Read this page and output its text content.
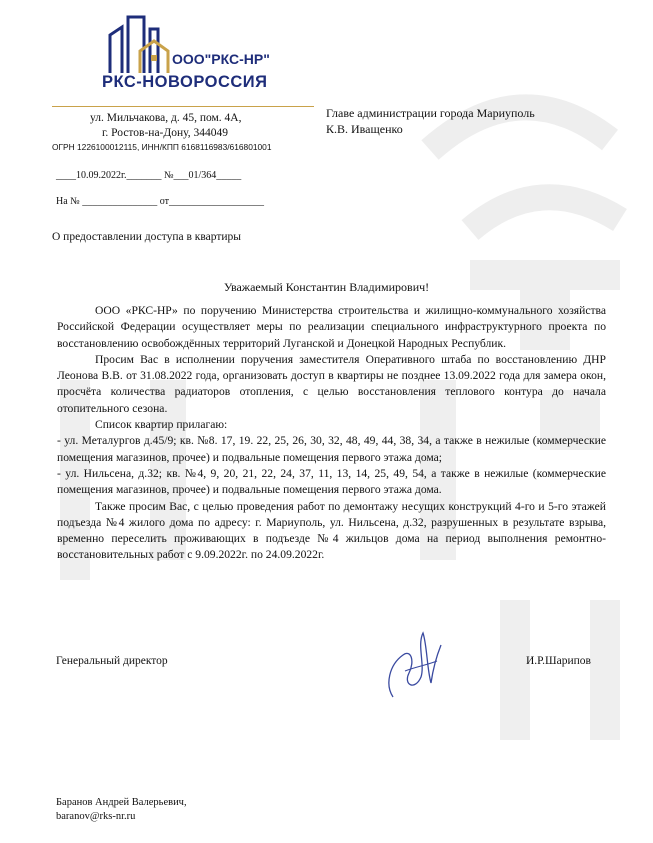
ООО"РКС-НР"
РКС-НОВОРОССИЯ
ул. Мильчакова, д. 45, пом. 4А,
г. Ростов-на-Дону, 344049
ОГРН 1226100012115, ИНН/КПП 6168116983/616801001
____10.09.2022г._______ №___01/364_____
На № _______________ от___________________
Главе администрации города Мариуполь
К.В. Иващенко
О предоставлении доступа в квартиры
Уважаемый Константин Владимирович!

ООО «РКС-НР» по поручению Министерства строительства и жилищно-коммунального хозяйства Российской Федерации осуществляет меры по реализации специального инфраструктурного проекта по восстановлению освобождённых территорий Луганской и Донецкой Народных Республик.

Просим Вас в исполнении поручения заместителя Оперативного штаба по восстановлению ДНР Леонова В.В. от 31.08.2022 года, организовать доступ в квартиры не позднее 13.09.2022 года для замера окон, просчёта количества радиаторов отопления, с целью восстановления теплового контура до начала отопительного сезона.

Список квартир прилагаю:

- ул. Металургов д.45/9; кв. №8. 17, 19. 22, 25, 26, 30, 32, 48, 49, 44, 38, 34, а также в нежилые (коммерческие помещения магазинов, прочее) и подвальные помещения первого этажа дома;

- ул. Нильсена, д.32; кв. №4, 9, 20, 21, 22, 24, 37, 11, 13, 14, 25, 49, 54, а также в нежилые (коммерческие помещения магазинов, прочее) и подвальные помещения первого этажа дома.

Также просим Вас, с целью проведения работ по демонтажу несущих конструкций 4-го и 5-го этажей подъезда №4 жилого дома по адресу: г. Мариуполь, ул. Нильсена, д.32, разрушенных в результате взрыва, временно переселить проживающих в подъезде №4 жильцов дома на период выполнения ремонтно-восстановительных работ с 9.09.2022г. по 24.09.2022г.

Генеральный директор	И.Р.Шарипов
Баранов Андрей Валерьевич,
baranov@rks-nr.ru
